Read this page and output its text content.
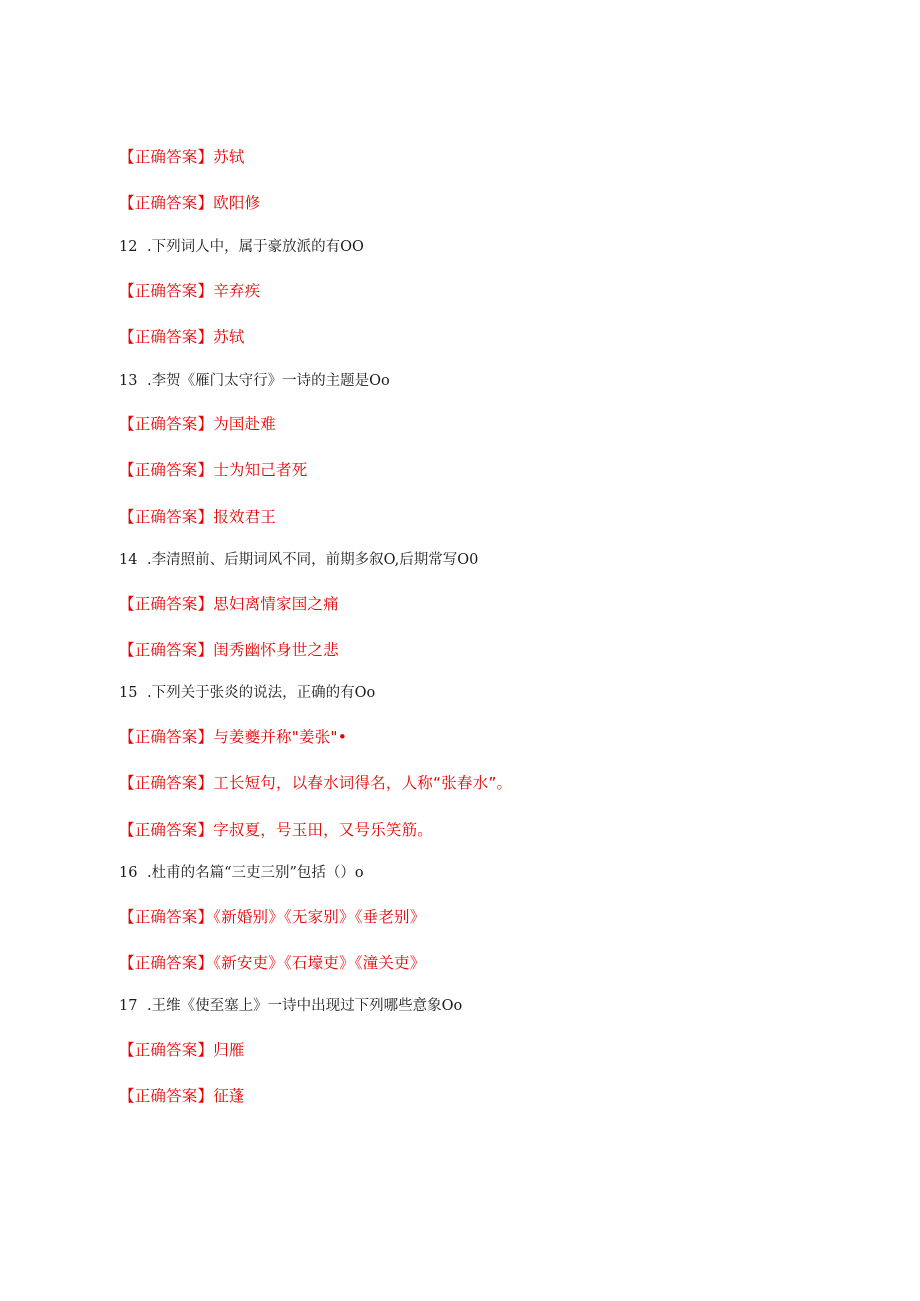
【正确答案】苏轼
【正确答案】欧阳修
12 .下列词人中，属于豪放派的有OO
【正确答案】辛弃疾
【正确答案】苏轼
13 .李贺《雁门太守行》一诗的主题是Oo
【正确答案】为国赴难
【正确答案】士为知己者死
【正确答案】报效君王
14 .李清照前、后期词风不同，前期多叙O,后期常写O0
【正确答案】思妇离情家国之痛
【正确答案】闺秀幽怀身世之悲
15 .下列关于张炎的说法，正确的有Oo
【正确答案】与姜夔并称"姜张"•
【正确答案】工长短句，以春水词得名，人称“张春水”。
【正确答案】字叔夏，号玉田，又号乐笑筋。
16 .杜甫的名篇“三吏三别”包括（）o
【正确答案】《新婚别》《无家别》《垂老别》
【正确答案】《新安吏》《石壕吏》《潼关吏》
17 .王维《使至塞上》一诗中出现过下列哪些意象Oo
【正确答案】归雁
【正确答案】征蓬
